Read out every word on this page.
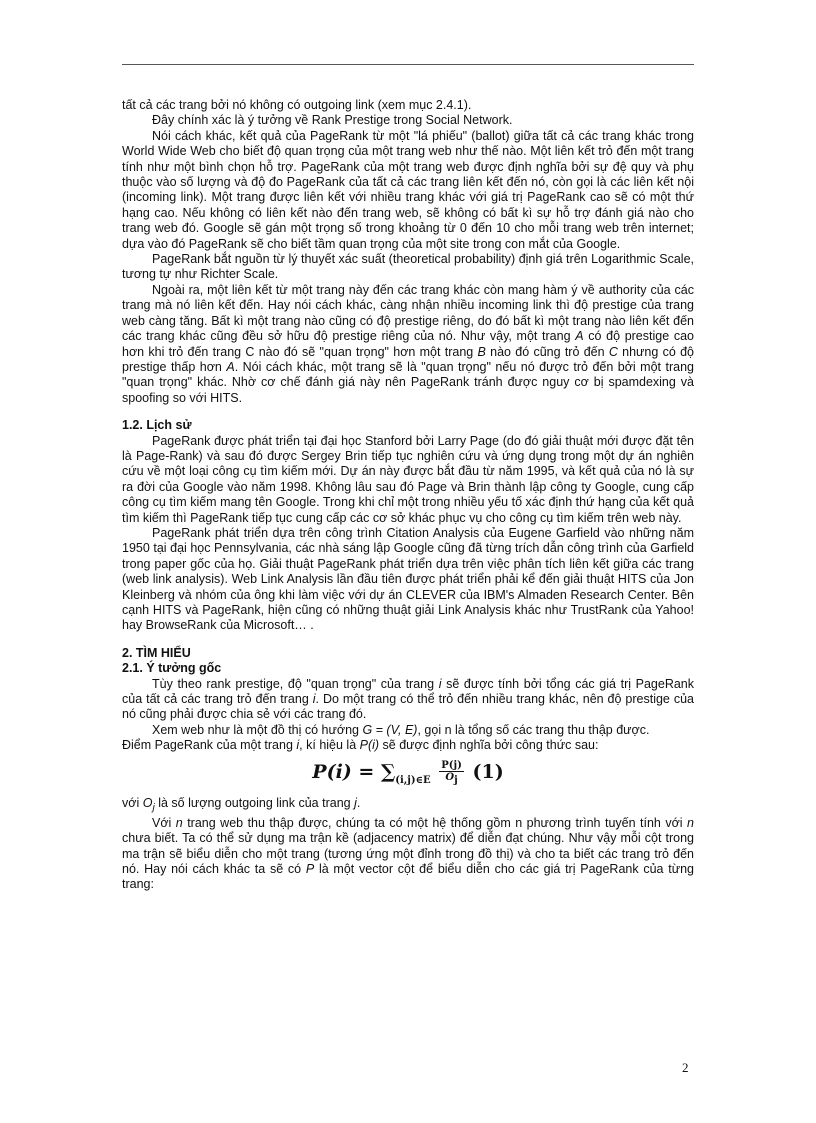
tất cả các trang bởi nó không có outgoing link (xem mục 2.4.1).

Đây chính xác là ý tưởng về Rank Prestige trong Social Network.

Nói cách khác, kết quả của PageRank từ một "lá phiếu" (ballot) giữa tất cả các trang khác trong World Wide Web cho biết độ quan trọng của một trang web như thế nào. Một liên kết trỏ đến một trang tính như một bình chọn hỗ trợ. PageRank của một trang web được định nghĩa bởi sự đệ quy và phụ thuộc vào số lượng và độ đo PageRank của tất cả các trang liên kết đến nó, còn gọi là các liên kết nội (incoming link). Một trang được liên kết với nhiều trang khác với giá trị PageRank cao sẽ có một thứ hạng cao. Nếu không có liên kết nào đến trang web, sẽ không có bất kì sự hỗ trợ đánh giá nào cho trang web đó. Google sẽ gán một trọng số trong khoảng từ 0 đến 10 cho mỗi trang web trên internet; dựa vào đó PageRank sẽ cho biết tầm quan trọng của một site trong con mắt của Google.

PageRank bắt nguồn từ lý thuyết xác suất (theoretical probability) định giá trên Logarithmic Scale, tương tự như Richter Scale.

Ngoài ra, một liên kết từ một trang này đến các trang khác còn mang hàm ý về authority của các trang mà nó liên kết đến. Hay nói cách khác, càng nhận nhiều incoming link thì độ prestige của trang web càng tăng. Bất kì một trang nào cũng có độ prestige riêng, do đó bất kì một trang nào liên kết đến các trang khác cũng đều sở hữu độ prestige riêng của nó. Như vậy, một trang A có độ prestige cao hơn khi trỏ đến trang C nào đó sẽ "quan trọng" hơn một trang B nào đó cũng trỏ đến C nhưng có độ prestige thấp hơn A. Nói cách khác, một trang sẽ là "quan trọng" nếu nó được trỏ đến bởi một trang "quan trọng" khác. Nhờ cơ chế đánh giá này nên PageRank tránh được nguy cơ bị spamdexing và spoofing so với HITS.

1.2. Lịch sử

PageRank được phát triển tại đại học Stanford bởi Larry Page (do đó giải thuật mới được đặt tên là Page-Rank) và sau đó được Sergey Brin tiếp tục nghiên cứu và ứng dụng trong một dự án nghiên cứu về một loại công cụ tìm kiếm mới. Dự án này được bắt đầu từ năm 1995, và kết quả của nó là sự ra đời của Google vào năm 1998. Không lâu sau đó Page và Brin thành lập công ty Google, cung cấp công cụ tìm kiếm mang tên Google. Trong khi chỉ một trong nhiều yếu tố xác định thứ hạng của kết quả tìm kiếm thì PageRank tiếp tục cung cấp các cơ sở khác phục vụ cho công cụ tìm kiếm trên web này.

PageRank phát triển dựa trên công trình Citation Analysis của Eugene Garfield vào những năm 1950 tại đại học Pennsylvania, các nhà sáng lập Google cũng đã từng trích dẫn công trình của Garfield trong paper gốc của họ. Giải thuật PageRank phát triển dựa trên việc phân tích liên kết giữa các trang (web link analysis). Web Link Analysis lần đầu tiên được phát triển phải kể đến giải thuật HITS của Jon Kleinberg và nhóm của ông khi làm việc với dự án CLEVER của IBM's Almaden Research Center. Bên cạnh HITS và PageRank, hiện cũng có những thuật giải Link Analysis khác như TrustRank của Yahoo! hay BrowseRank của Microsoft… .

2. TÌM HIỂU

2.1. Ý tưởng gốc

Tùy theo rank prestige, độ "quan trọng" của trang i sẽ được tính bởi tổng các giá trị PageRank của tất cả các trang trỏ đến trang i. Do một trang có thể trỏ đến nhiều trang khác, nên độ prestige của nó cũng phải được chia sẻ với các trang đó.

Xem web như là một đồ thị có hướng G = (V, E), gọi n là tổng số các trang thu thập được.

Điểm PageRank của một trang i, kí hiệu là P(i) sẽ được định nghĩa bởi công thức sau:

$P(i) = \sum_{(i,j)\in E} \frac{P(j)}{O_j} (1)$

với $O_j$ là số lượng outgoing link của trang j.

Với n trang web thu thập được, chúng ta có một hệ thống gồm n phương trình tuyến tính với n chưa biết. Ta có thể sử dụng ma trận kề (adjacency matrix) để diễn đạt chúng. Như vậy mỗi cột trong ma trận sẽ biểu diễn cho một trang (tương ứng một đỉnh trong đồ thị) và cho ta biết các trang trỏ đến nó. Hay nói cách khác ta sẽ có P là một vector cột để biểu diễn cho các giá trị PageRank của từng trang:

2
